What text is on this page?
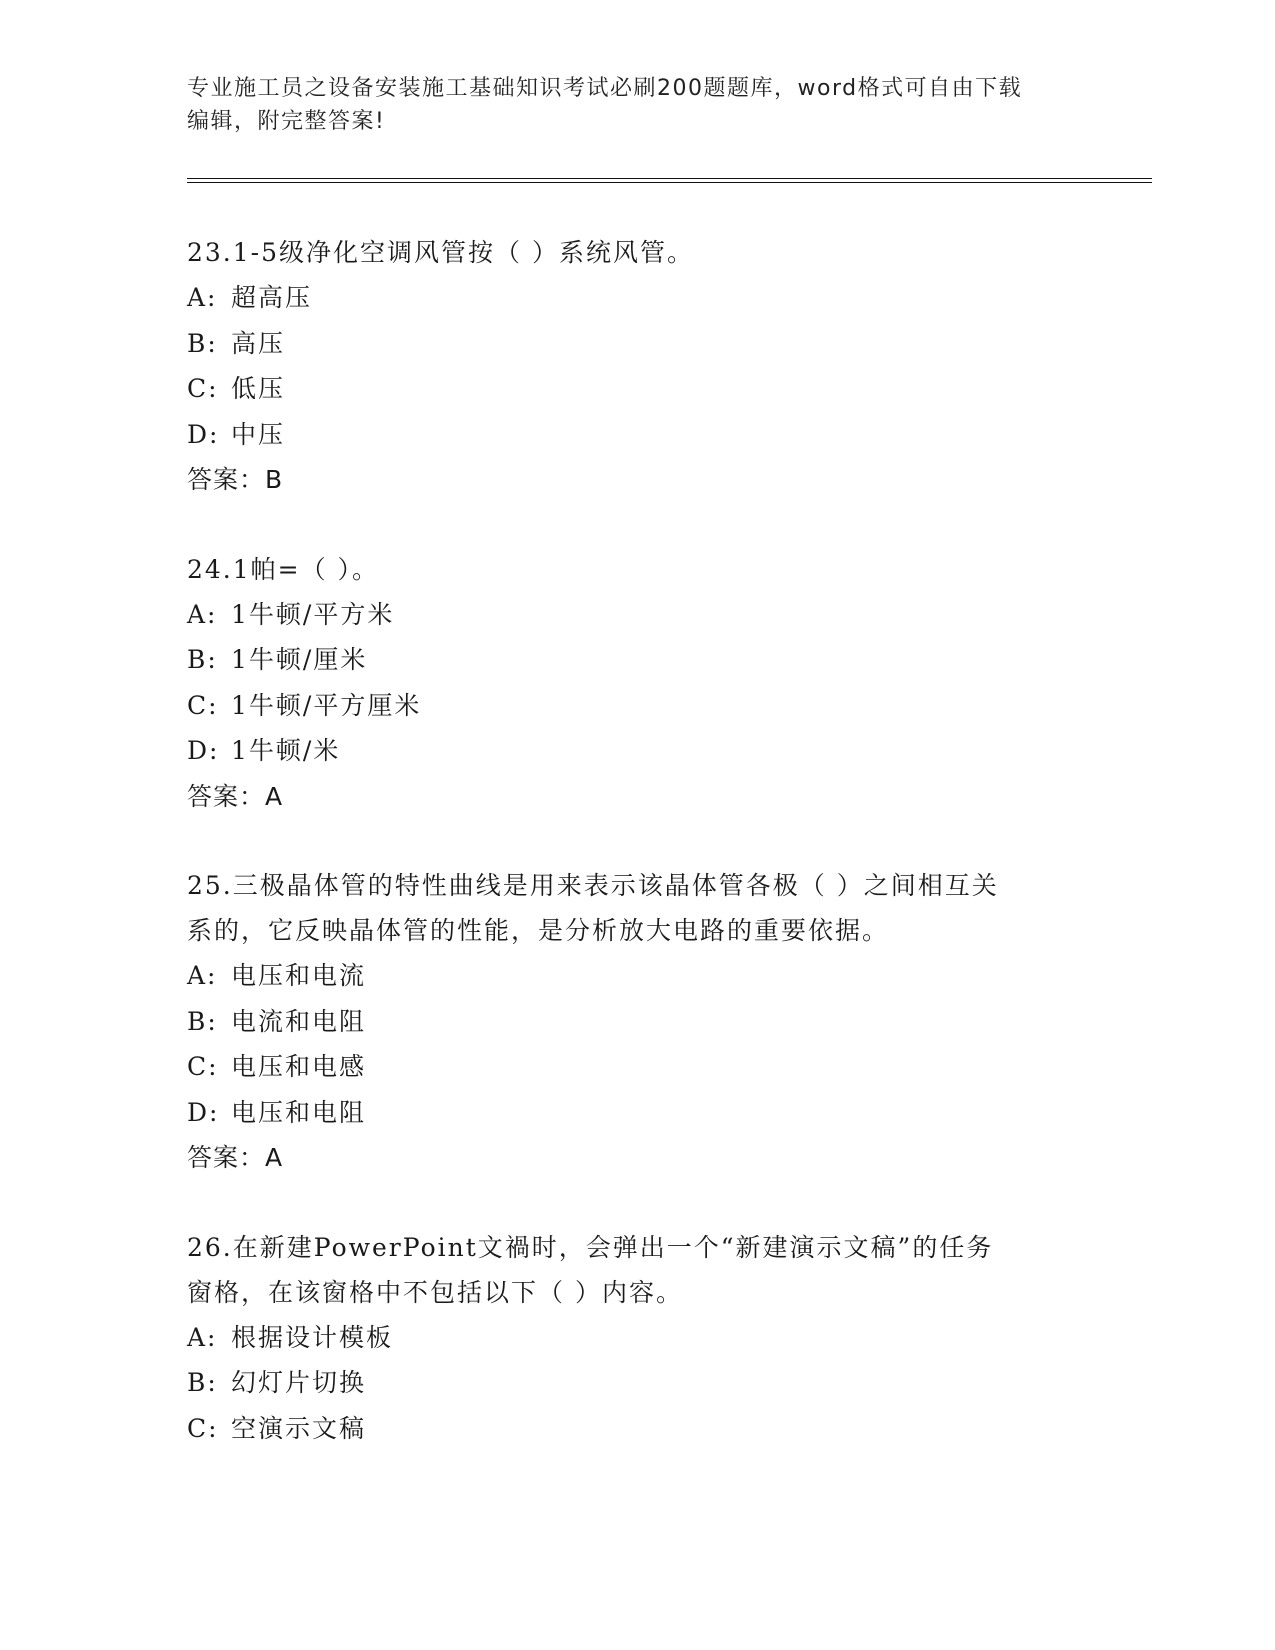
专业施工员之设备安装施工基础知识考试必刷200题题库，word格式可自由下载
编辑，附完整答案!
23.1-5级净化空调风管按（ ）系统风管。
A: 超高压
B: 高压
C: 低压
D: 中压
答案：B
24.1帕=（ ）。
A: 1牛顿/平方米
B: 1牛顿/厘米
C: 1牛顿/平方厘米
D: 1牛顿/米
答案：A
25.三极晶体管的特性曲线是用来表示该晶体管各极（ ）之间相互关
系的，它反映晶体管的性能，是分析放大电路的重要依据。
A: 电压和电流
B: 电流和电阻
C: 电压和电感
D: 电压和电阻
答案：A
26.在新建PowerPoint文禍时，会弹出一个“新建演示文稿”的任务
窗格，在该窗格中不包括以下（ ）内容。
A: 根据设计模板
B: 幻灯片切换
C: 空演示文稿
